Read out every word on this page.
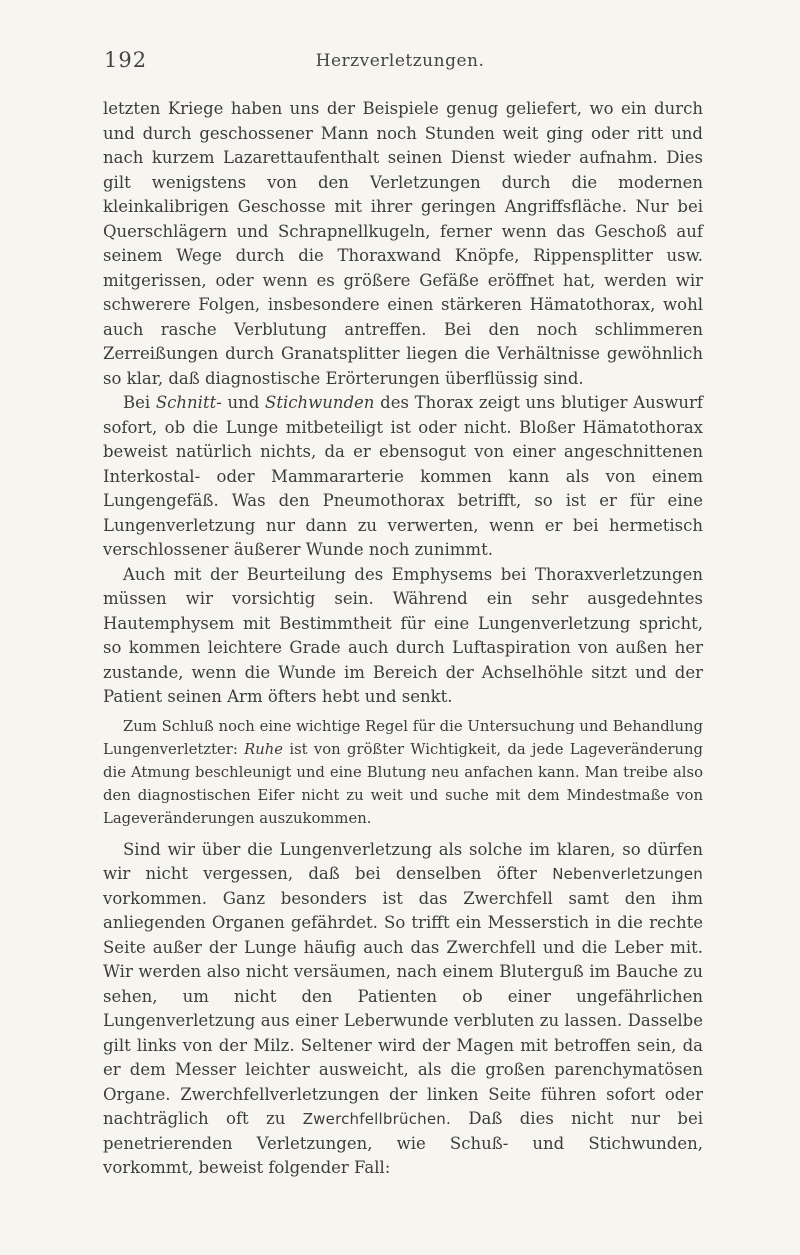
192	Herzverletzungen.

letzten Kriege haben uns der Beispiele genug geliefert, wo ein durch und durch geschossener Mann noch Stunden weit ging oder ritt und nach kurzem Lazarettaufenthalt seinen Dienst wieder aufnahm. Dies gilt wenigstens von den Verletzungen durch die modernen kleinkalibrigen Geschosse mit ihrer geringen Angriffsfläche. Nur bei Querschlägern und Schrapnellkugeln, ferner wenn das Geschoß auf seinem Wege durch die Thoraxwand Knöpfe, Rippensplitter usw. mitgerissen, oder wenn es größere Gefäße eröffnet hat, werden wir schwerere Folgen, insbesondere einen stärkeren Hämatothorax, wohl auch rasche Verblutung antreffen. Bei den noch schlimmeren Zerreißungen durch Granatsplitter liegen die Verhältnisse gewöhnlich so klar, daß diagnostische Erörterungen überflüssig sind.

Bei Schnitt- und Stichwunden des Thorax zeigt uns blutiger Auswurf sofort, ob die Lunge mitbeteiligt ist oder nicht. Bloßer Hämatothorax beweist natürlich nichts, da er ebensogut von einer angeschnittenen Interkostal- oder Mammararterie kommen kann als von einem Lungengefäß. Was den Pneumothorax betrifft, so ist er für eine Lungenverletzung nur dann zu verwerten, wenn er bei hermetisch verschlossener äußerer Wunde noch zunimmt.

Auch mit der Beurteilung des Emphysems bei Thoraxverletzungen müssen wir vorsichtig sein. Während ein sehr ausgedehntes Hautemphysem mit Bestimmtheit für eine Lungenverletzung spricht, so kommen leichtere Grade auch durch Luftaspiration von außen her zustande, wenn die Wunde im Bereich der Achselhöhle sitzt und der Patient seinen Arm öfters hebt und senkt.

Zum Schluß noch eine wichtige Regel für die Untersuchung und Behandlung Lungenverletzter: Ruhe ist von größter Wichtigkeit, da jede Lageveränderung die Atmung beschleunigt und eine Blutung neu anfachen kann. Man treibe also den diagnostischen Eifer nicht zu weit und suche mit dem Mindestmaße von Lageveränderungen auszukommen.

Sind wir über die Lungenverletzung als solche im klaren, so dürfen wir nicht vergessen, daß bei denselben öfter Nebenverletzungen vorkommen. Ganz besonders ist das Zwerchfell samt den ihm anliegenden Organen gefährdet. So trifft ein Messerstich in die rechte Seite außer der Lunge häufig auch das Zwerchfell und die Leber mit. Wir werden also nicht versäumen, nach einem Bluterguß im Bauche zu sehen, um nicht den Patienten ob einer ungefährlichen Lungenverletzung aus einer Leberwunde verbluten zu lassen. Dasselbe gilt links von der Milz. Seltener wird der Magen mit betroffen sein, da er dem Messer leichter ausweicht, als die großen parenchymatösen Organe. Zwerchfellverletzungen der linken Seite führen sofort oder nachträglich oft zu Zwerchfellbrüchen. Daß dies nicht nur bei penetrierenden Verletzungen, wie Schuß- und Stichwunden, vorkommt, beweist folgender Fall:
